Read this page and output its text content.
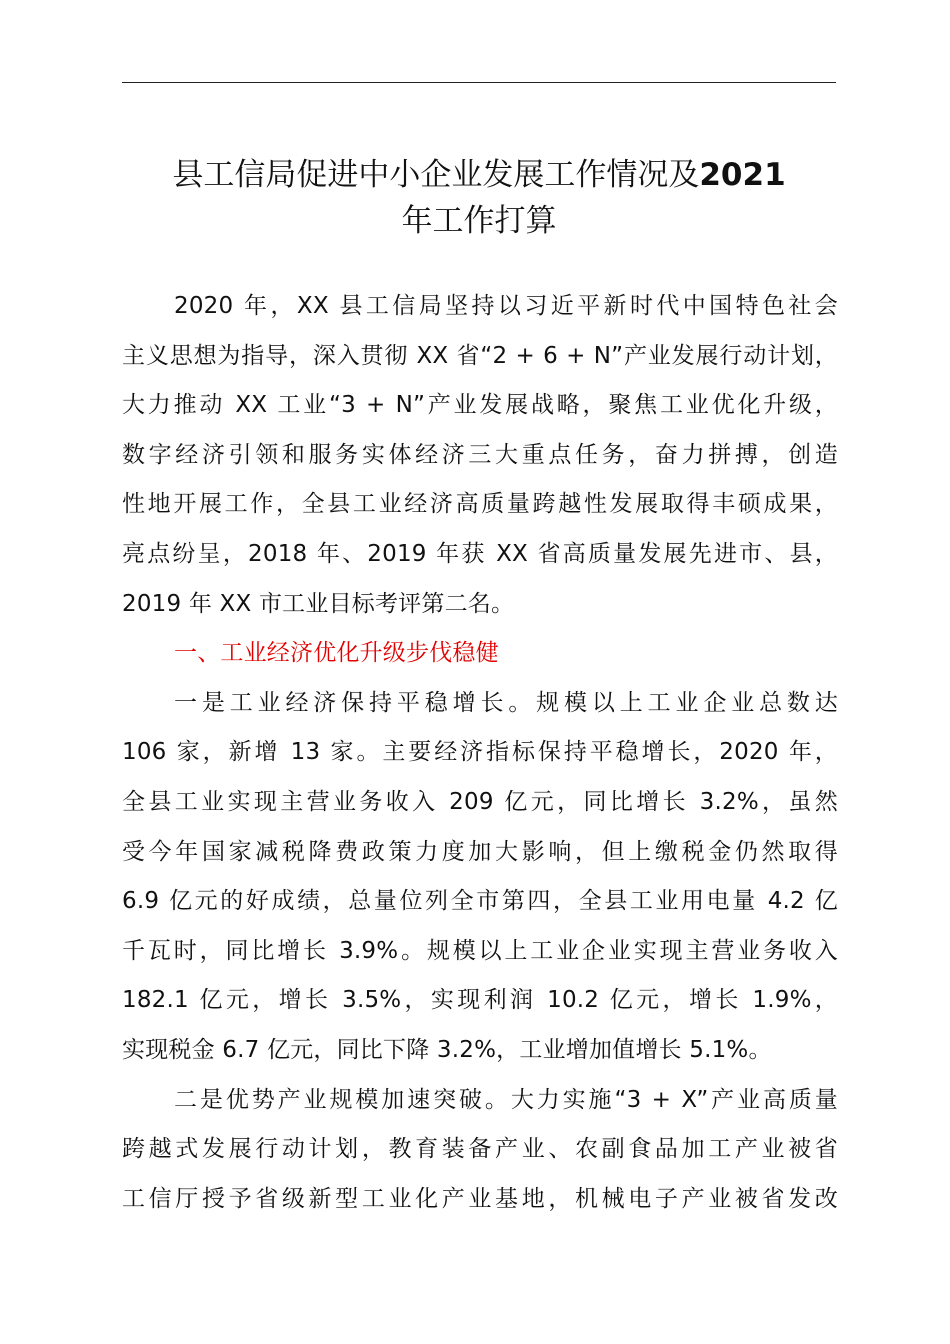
县工信局促进中小企业发展工作情况及2021
年工作打算
2020 年，XX 县工信局坚持以习近平新时代中国特色社会
主义思想为指导，深入贯彻 XX 省“2 + 6 + N”产业发展行动计划，
大力推动 XX 工业“3 + N”产业发展战略，聚焦工业优化升级，
数字经济引领和服务实体经济三大重点任务，奋力拼搏，创造
性地开展工作，全县工业经济高质量跨越性发展取得丰硕成果，
亮点纷呈，2018 年、2019 年获 XX 省高质量发展先进市、县，
2019 年 XX 市工业目标考评第二名。
一、工业经济优化升级步伐稳健
一是工业经济保持平稳增长。规模以上工业企业总数达
106 家，新增 13 家。主要经济指标保持平稳增长，2020 年，
全县工业实现主营业务收入 209 亿元，同比增长 3.2%，虽然
受今年国家减税降费政策力度加大影响，但上缴税金仍然取得
6.9 亿元的好成绩，总量位列全市第四，全县工业用电量 4.2 亿
千瓦时，同比增长 3.9%。规模以上工业企业实现主营业务收入
182.1 亿元，增长 3.5%，实现利润 10.2 亿元，增长 1.9%，
实现税金 6.7 亿元，同比下降 3.2%，工业增加值增长 5.1%。
二是优势产业规模加速突破。大力实施“3 + X”产业高质量
跨越式发展行动计划，教育装备产业、农副食品加工产业被省
工信厅授予省级新型工业化产业基地，机械电子产业被省发改
